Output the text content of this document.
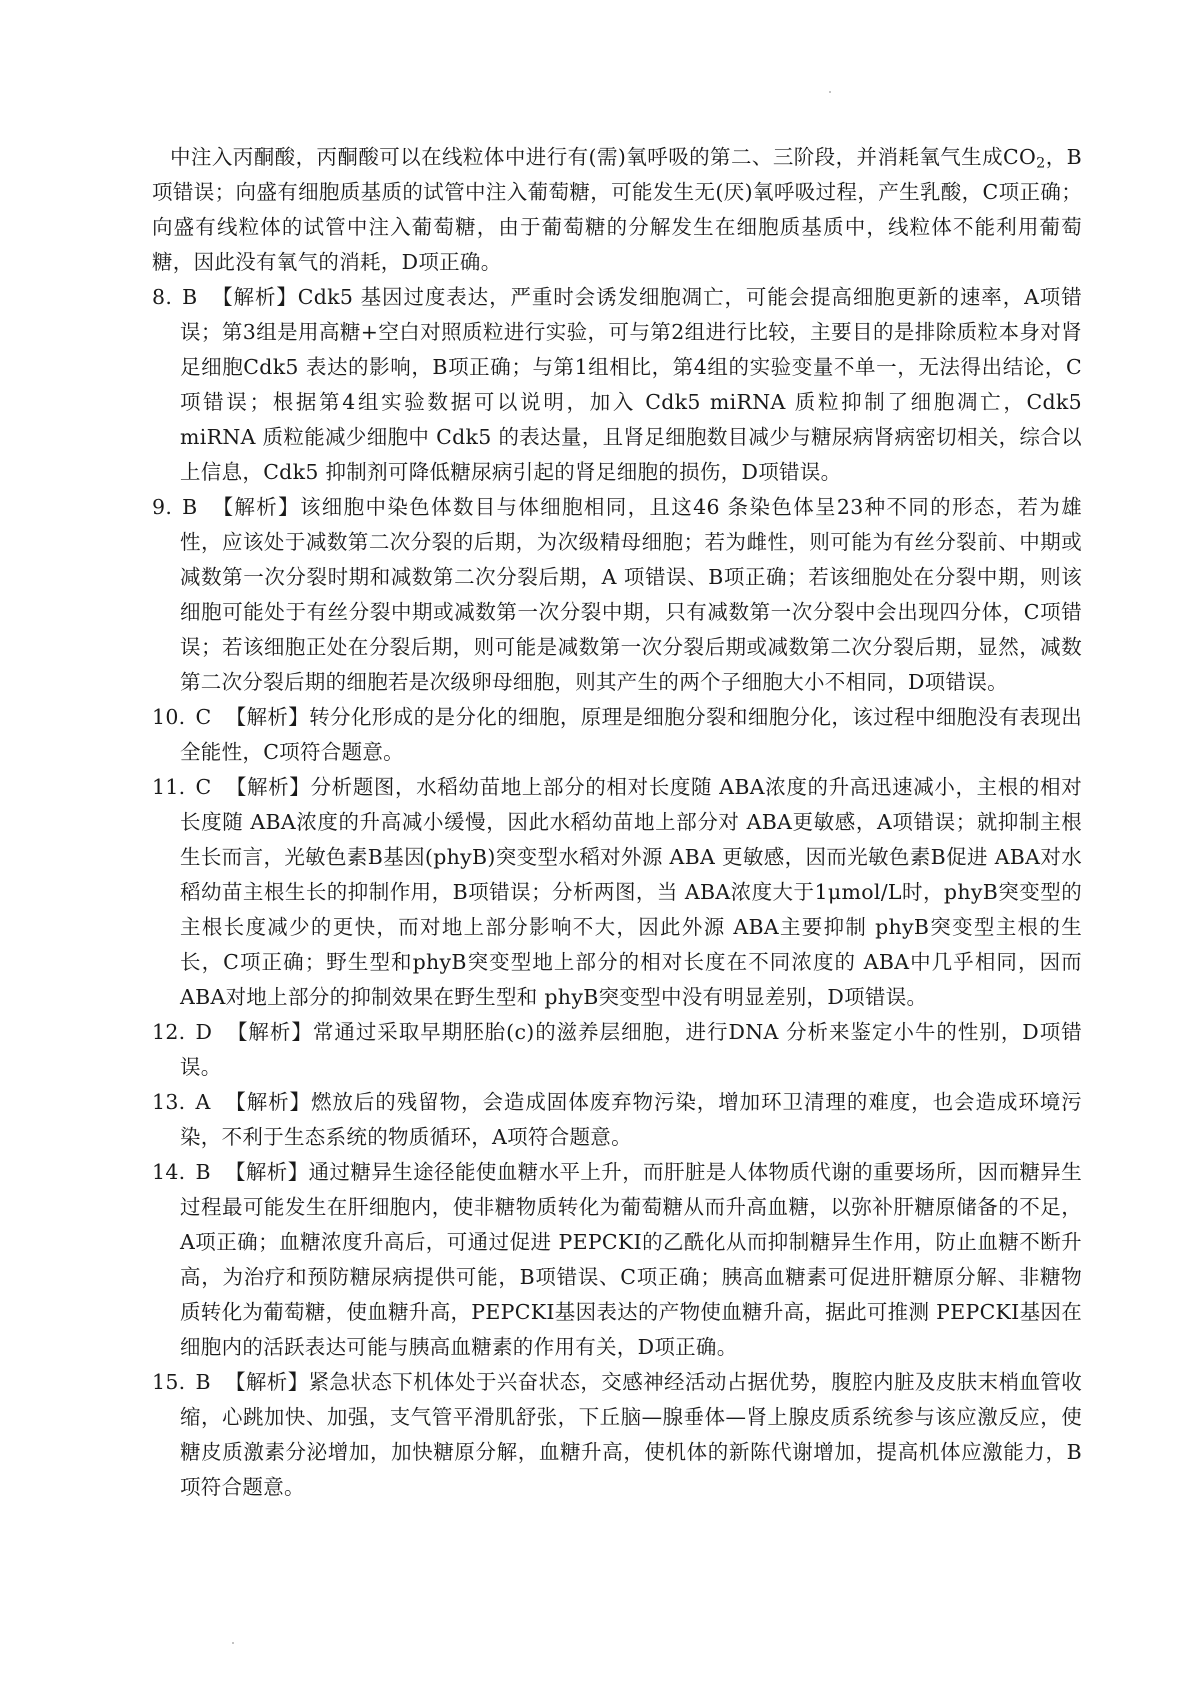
中注入丙酮酸，丙酮酸可以在线粒体中进行有(需)氧呼吸的第二、三阶段，并消耗氧气生成$CO_2$，B项错误；向盛有细胞质基质的试管中注入葡萄糖，可能发生无(厌)氧呼吸过程，产生乳酸，C项正确；向盛有线粒体的试管中注入葡萄糖，由于葡萄糖的分解发生在细胞质基质中，线粒体不能利用葡萄糖，因此没有氧气的消耗，D项正确。

8. B 【解析】Cdk5 基因过度表达，严重时会诱发细胞凋亡，可能会提高细胞更新的速率，A项错误；第3组是用高糖+空白对照质粒进行实验，可与第2组进行比较，主要目的是排除质粒本身对肾足细胞Cdk5 表达的影响，B项正确；与第1组相比，第4组的实验变量不单一，无法得出结论，C项错误；根据第4组实验数据可以说明，加入 Cdk5 miRNA 质粒抑制了细胞凋亡，Cdk5 miRNA 质粒能减少细胞中 Cdk5 的表达量，且肾足细胞数目减少与糖尿病肾病密切相关，综合以上信息，Cdk5 抑制剂可降低糖尿病引起的肾足细胞的损伤，D项错误。

9. B 【解析】该细胞中染色体数目与体细胞相同，且这46 条染色体呈23种不同的形态，若为雄性，应该处于减数第二次分裂的后期，为次级精母细胞；若为雌性，则可能为有丝分裂前、中期或减数第一次分裂时期和减数第二次分裂后期，A 项错误、B项正确；若该细胞处在分裂中期，则该细胞可能处于有丝分裂中期或减数第一次分裂中期，只有减数第一次分裂中会出现四分体，C项错误；若该细胞正处在分裂后期，则可能是减数第一次分裂后期或减数第二次分裂后期，显然，减数第二次分裂后期的细胞若是次级卵母细胞，则其产生的两个子细胞大小不相同，D项错误。

10. C 【解析】转分化形成的是分化的细胞，原理是细胞分裂和细胞分化，该过程中细胞没有表现出全能性，C项符合题意。

11. C 【解析】分析题图，水稻幼苗地上部分的相对长度随 ABA浓度的升高迅速减小，主根的相对长度随 ABA浓度的升高减小缓慢，因此水稻幼苗地上部分对 ABA更敏感，A项错误；就抑制主根生长而言，光敏色素B基因(phyB)突变型水稻对外源 ABA 更敏感，因而光敏色素B促进 ABA对水稻幼苗主根生长的抑制作用，B项错误；分析两图，当 ABA浓度大于1μmol/L时，phyB突变型的主根长度减少的更快，而对地上部分影响不大，因此外源 ABA主要抑制 phyB突变型主根的生长，C项正确；野生型和phyB突变型地上部分的相对长度在不同浓度的 ABA中几乎相同，因而 ABA对地上部分的抑制效果在野生型和 phyB突变型中没有明显差别，D项错误。

12. D 【解析】常通过采取早期胚胎(c)的滋养层细胞，进行DNA 分析来鉴定小牛的性别，D项错误。

13. A 【解析】燃放后的残留物，会造成固体废弃物污染，增加环卫清理的难度，也会造成环境污染，不利于生态系统的物质循环，A项符合题意。

14. B 【解析】通过糖异生途径能使血糖水平上升，而肝脏是人体物质代谢的重要场所，因而糖异生过程最可能发生在肝细胞内，使非糖物质转化为葡萄糖从而升高血糖，以弥补肝糖原储备的不足，A项正确；血糖浓度升高后，可通过促进 PEPCKI的乙酰化从而抑制糖异生作用，防止血糖不断升高，为治疗和预防糖尿病提供可能，B项错误、C项正确；胰高血糖素可促进肝糖原分解、非糖物质转化为葡萄糖，使血糖升高，PEPCKI基因表达的产物使血糖升高，据此可推测 PEPCKI基因在细胞内的活跃表达可能与胰高血糖素的作用有关，D项正确。

15. B 【解析】紧急状态下机体处于兴奋状态，交感神经活动占据优势，腹腔内脏及皮肤末梢血管收缩，心跳加快、加强，支气管平滑肌舒张，下丘脑—腺垂体—肾上腺皮质系统参与该应激反应，使糖皮质激素分泌增加，加快糖原分解，血糖升高，使机体的新陈代谢增加，提高机体应激能力，B项符合题意。
